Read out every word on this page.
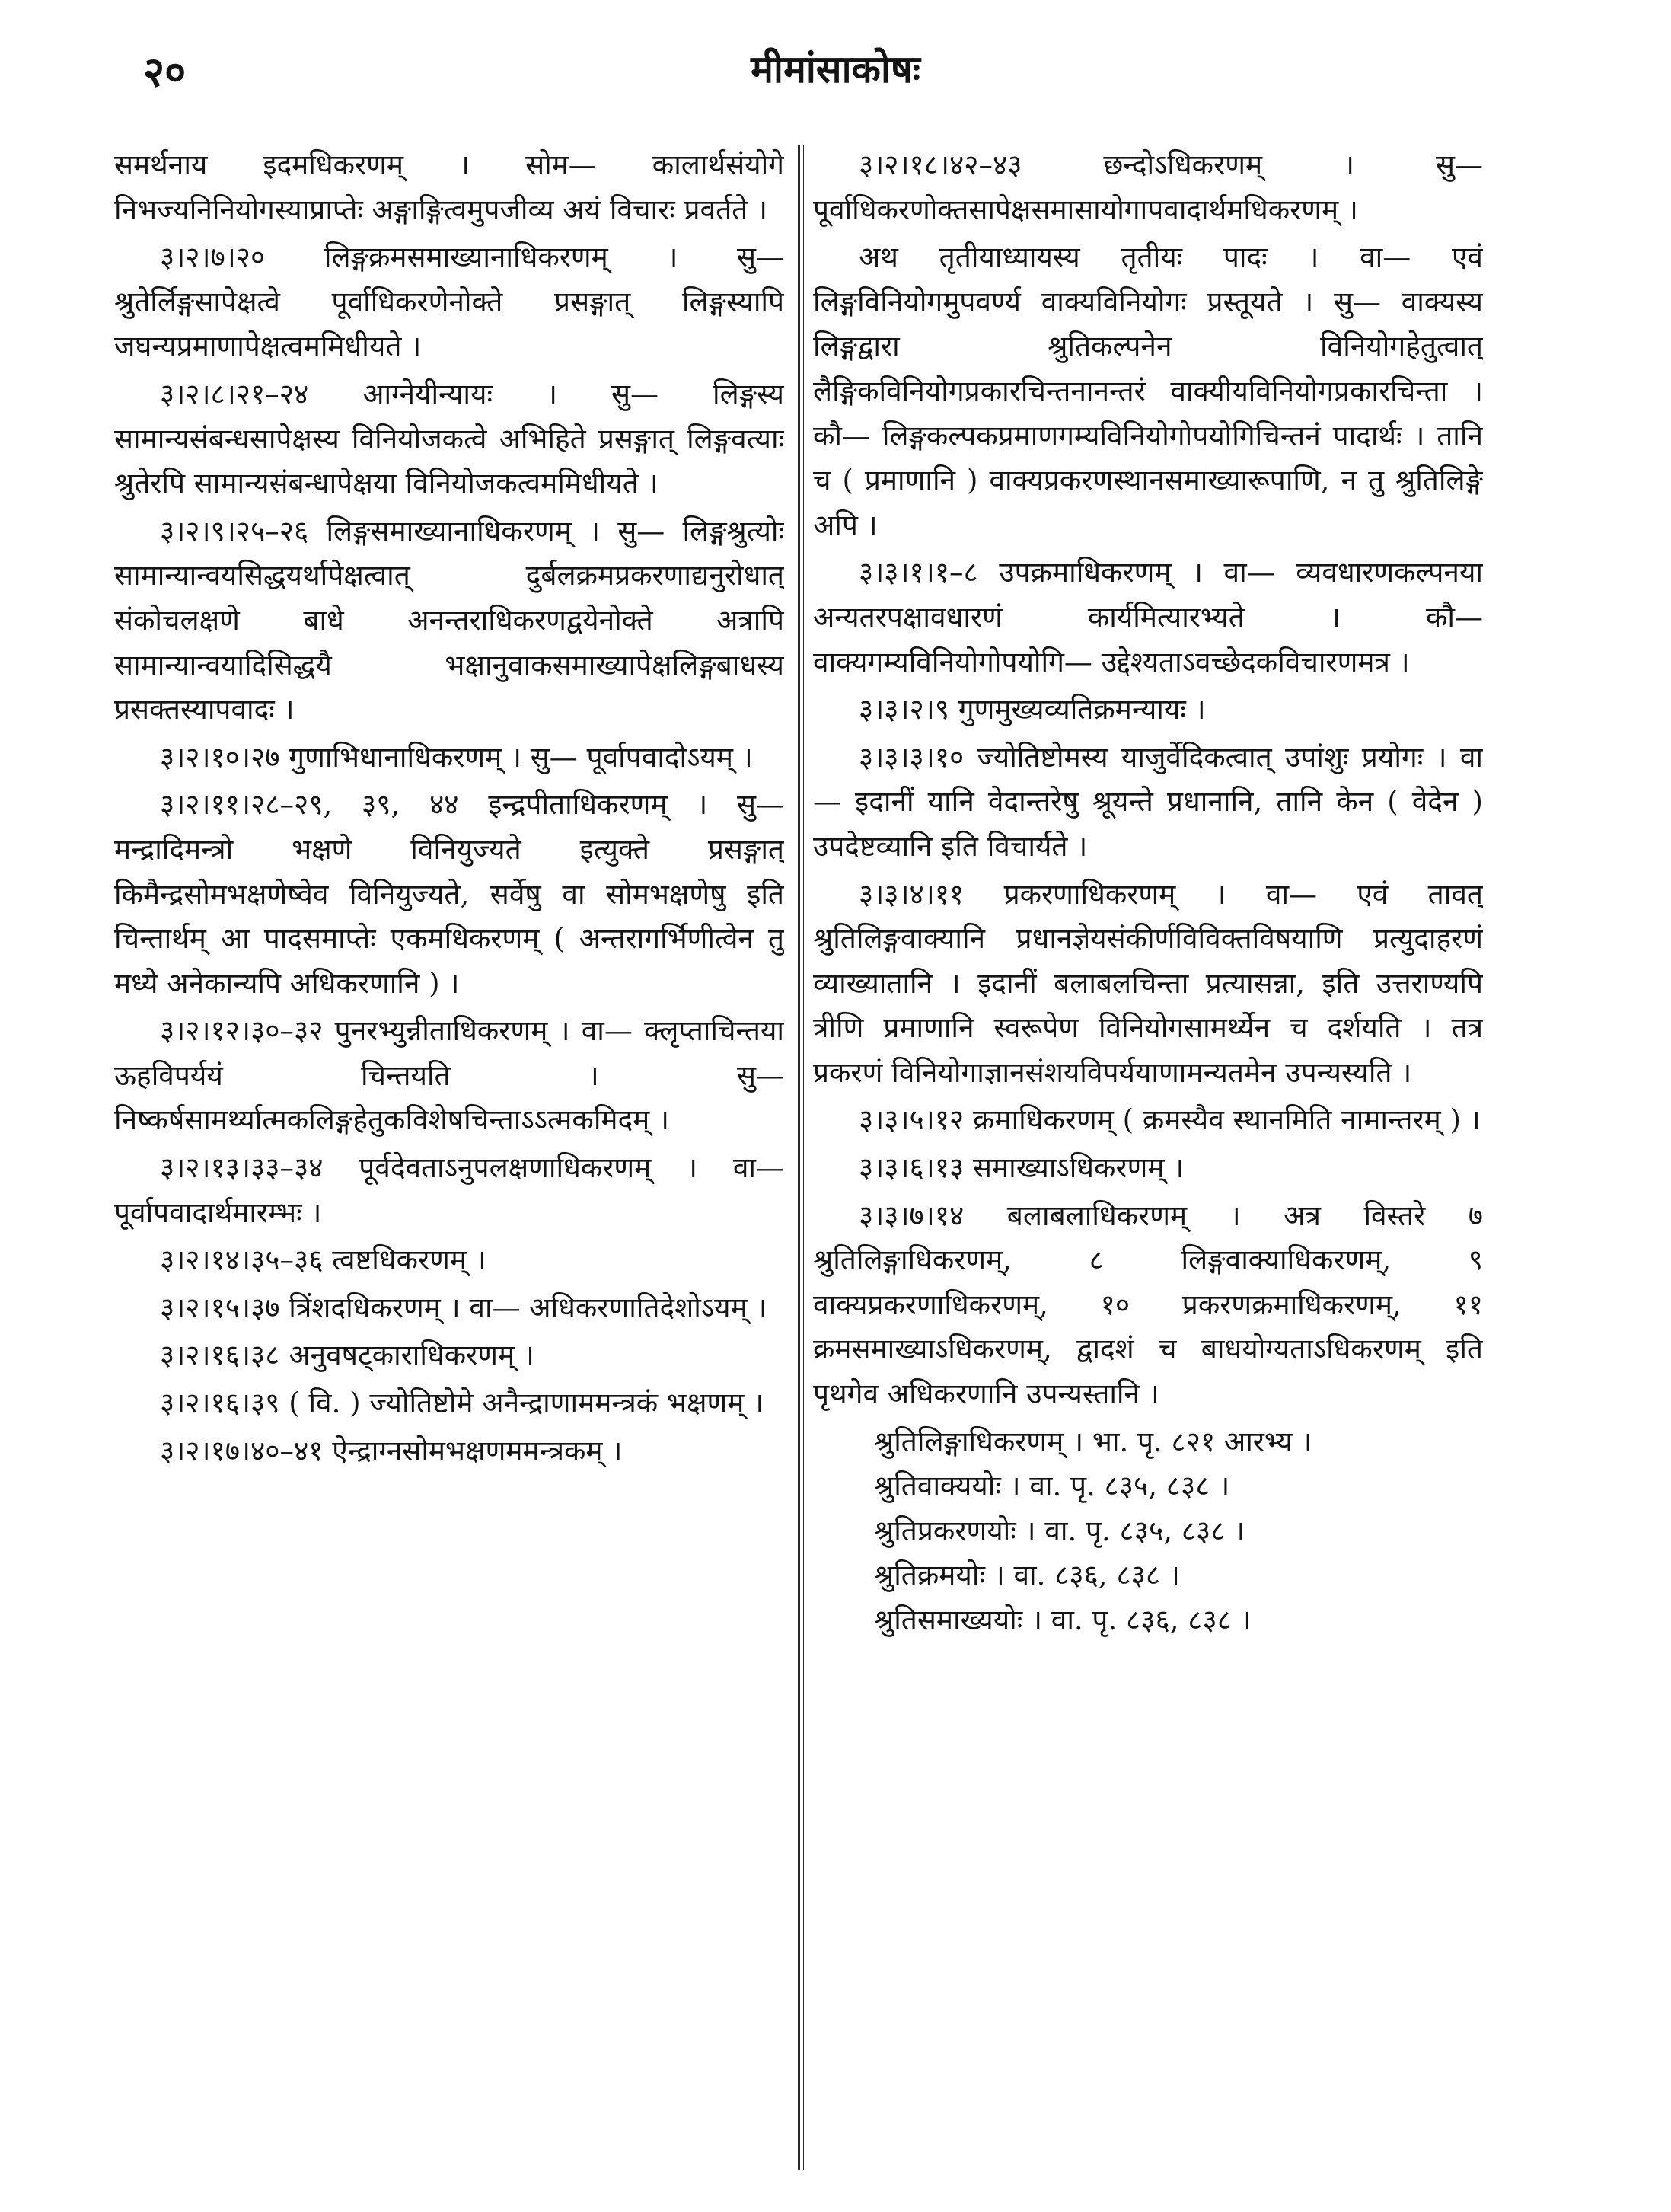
मीमांसाकोषः
२०

समर्थनाय इदमधिकरणम् । सोम— कालार्थसंयोगे निभज्यनिनियोगस्याप्राप्तेः अङ्गाङ्गित्वमुपजीव्य अयं विचारः प्रवर्तते ।

३।२।७।२० लिङ्गक्रमसमाख्यानाधिकरणम् । सु— श्रुतेर्लिङ्गसापेक्षत्वे पूर्वाधिकरणेनोक्ते प्रसङ्गात् लिङ्गस्यापि जघन्यप्रमाणापेक्षत्वममिधीयते ।

३।२।८।२१–२४ आग्नेयीन्यायः । सु— लिङ्गस्य सामान्यसंबन्धसापेक्षस्य विनियोजकत्वे अभिहिते प्रसङ्गात् लिङ्गवत्याः श्रुतेरपि सामान्यसंबन्धापेक्षया विनियोजकत्वममिधीयते ।

३।२।९।२५–२६ लिङ्गसमाख्यानाधिकरणम् । सु— लिङ्गश्रुत्योः सामान्यान्वयसिद्धयर्थापेक्षत्वात् दुर्बलक्रमप्रकरणाद्यनुरोधात् संकोचलक्षणे बाधे अनन्तराधिकरणद्वयेनोक्ते अत्रापि सामान्यान्वयादिसिद्धयै भक्षानुवाकसमाख्यापेक्षलिङ्गबाधस्य प्रसक्तस्यापवादः ।

३।२।१०।२७ गुणाभिधानाधिकरणम् । सु— पूर्वापवादोऽयम् ।

३।२।११।२८–२९, ३९, ४४ इन्द्रपीताधिकरणम् । सु— मन्द्रादिमन्त्रो भक्षणे विनियुज्यते इत्युक्ते प्रसङ्गात् किमैन्द्रसोमभक्षणेष्वेव विनियुज्यते, सर्वेषु वा सोमभक्षणेषु इति चिन्तार्थम् आ पादसमाप्तेः एकमधिकरणम् ( अन्तरागर्भिणीत्वेन तु मध्ये अनेकान्यपि अधिकरणानि ) ।

३।२।१२।३०–३२ पुनरभ्युन्नीताधिकरणम् । वा— क्लृप्ताचिन्तया ऊहविपर्ययं चिन्तयति । सु— निष्कर्षसामर्थ्यात्मकलिङ्गहेतुकविशेषचिन्ताऽऽत्मकमिदम् ।

३।२।१३।३३–३४ पूर्वदेवताऽनुपलक्षणाधिकरणम् । वा— पूर्वापवादार्थमारम्भः ।

३।२।१४।३५–३६ त्वष्टधिकरणम् ।

३।२।१५।३७ त्रिंशदधिकरणम् । वा— अधिकरणातिदेशोऽयम् ।

३।२।१६।३८ अनुवषट्काराधिकरणम् ।

३।२।१६।३९ ( वि. ) ज्योतिष्टोमे अनैन्द्राणाममन्त्रकं भक्षणम् ।

३।२।१७।४०–४१ ऐन्द्राग्नसोमभक्षणममन्त्रकम् ।

३।२।१८।४२–४३ छन्दोऽधिकरणम् । सु— पूर्वाधिकरणोक्तसापेक्षसमासायोगापवादार्थमधिकरणम् ।

अथ तृतीयाध्यायस्य तृतीयः पादः । वा— एवं लिङ्गविनियोगमुपवर्ण्य वाक्यविनियोगः प्रस्तूयते । सु— वाक्यस्य लिङ्गद्वारा श्रुतिकल्पनेन विनियोगहेतुत्वात् लैङ्गिकविनियोगप्रकारचिन्तनानन्तरं वाक्यीयविनियोगप्रकारचिन्ता । कौ— लिङ्गकल्पकप्रमाणगम्यविनियोगोपयोगिचिन्तनं पादार्थः । तानि च ( प्रमाणानि ) वाक्यप्रकरणस्थानसमाख्यारूपाणि, न तु श्रुतिलिङ्गे अपि ।

३।३।१।१–८ उपक्रमाधिकरणम् । वा— व्यवधारणकल्पनया अन्यतरपक्षावधारणं कार्यमित्यारभ्यते । कौ— वाक्यगम्यविनियोगोपयोगि— उद्देश्यताऽवच्छेदकविचारणमत्र ।

३।३।२।९ गुणमुख्यव्यतिक्रमन्यायः ।

३।३।३।१० ज्योतिष्टोमस्य याजुर्वेदिकत्वात् उपांशुः प्रयोगः । वा— इदानीं यानि वेदान्तरेषु श्रूयन्ते प्रधानानि, तानि केन ( वेदेन ) उपदेष्टव्यानि इति विचार्यते ।

३।३।४।११ प्रकरणाधिकरणम् । वा— एवं तावत् श्रुतिलिङ्गवाक्यानि प्रधानज्ञेयसंकीर्णविविक्तविषयाणि प्रत्युदाहरणं व्याख्यातानि । इदानीं बलाबलचिन्ता प्रत्यासन्ना, इति उत्तराण्यपि त्रीणि प्रमाणानि स्वरूपेण विनियोगसामर्थ्येन च दर्शयति । तत्र प्रकरणं विनियोगाज्ञानसंशयविपर्ययाणामन्यतमेन उपन्यस्यति ।

३।३।५।१२ क्रमाधिकरणम् ( क्रमस्यैव स्थानमिति नामान्तरम् ) ।

३।३।६।१३ समाख्याऽधिकरणम् ।

३।३।७।१४ बलाबलाधिकरणम् । अत्र विस्तरे ७ श्रुतिलिङ्गाधिकरणम्, ८ लिङ्गवाक्याधिकरणम्, ९ वाक्यप्रकरणाधिकरणम्, १० प्रकरणक्रमाधिकरणम्, ११ क्रमसमाख्याऽधिकरणम्, द्वादशं च बाधयोग्यताऽधिकरणम् इति पृथगेव अधिकरणानि उपन्यस्तानि ।

श्रुतिलिङ्गाधिकरणम् । भा. पृ. ८२१ आरभ्य ।

श्रुतिवाक्ययोः । वा. पृ. ८३५, ८३८ ।

श्रुतिप्रकरणयोः । वा. पृ. ८३५, ८३८ ।

श्रुतिक्रमयोः । वा. ८३६, ८३८ ।

श्रुतिसमाख्ययोः । वा. पृ. ८३६, ८३८ ।
